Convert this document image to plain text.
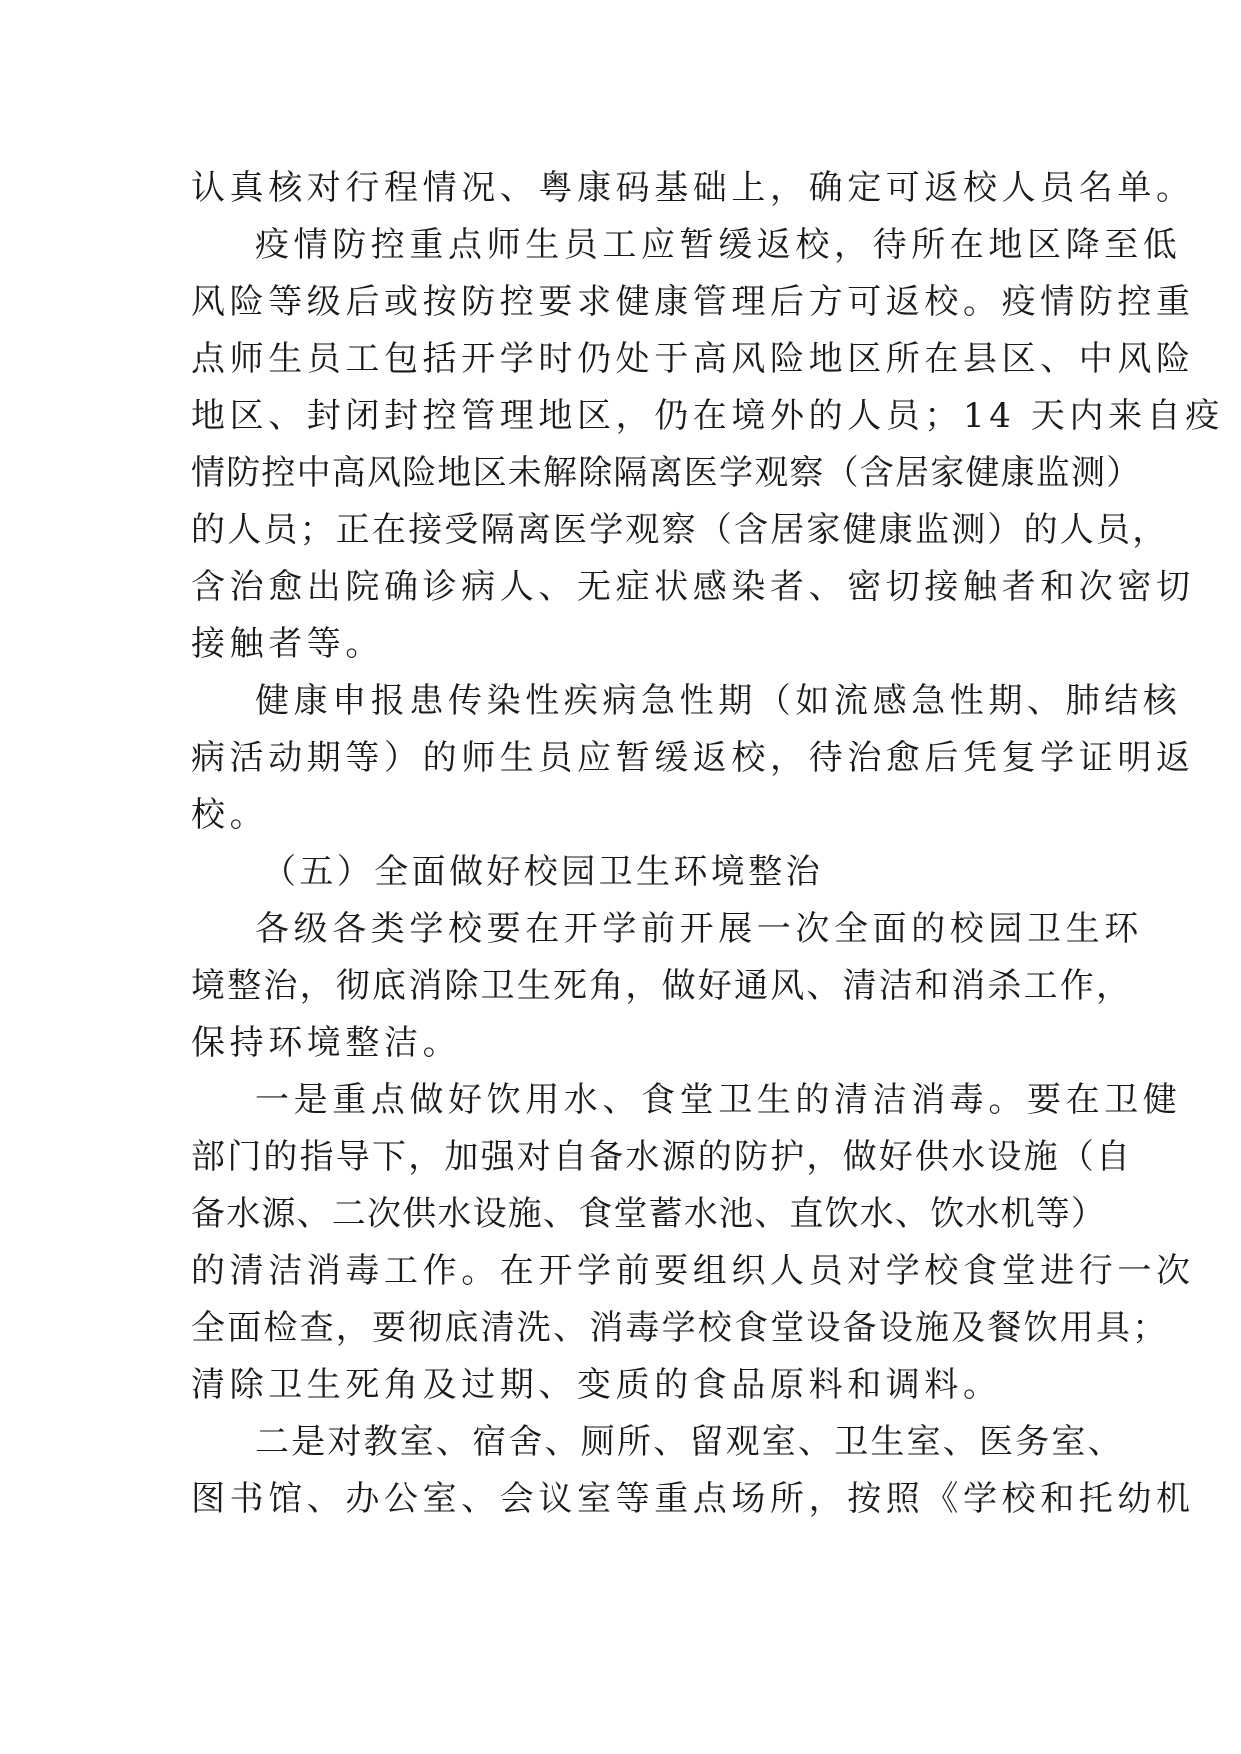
认真核对行程情况、粤康码基础上，确定可返校人员名单。
疫情防控重点师生员工应暂缓返校，待所在地区降至低
风险等级后或按防控要求健康管理后方可返校。疫情防控重
点师生员工包括开学时仍处于高风险地区所在县区、中风险
地区、封闭封控管理地区，仍在境外的人员；14 天内来自疫
情防控中高风险地区未解除隔离医学观察（含居家健康监测）
的人员；正在接受隔离医学观察（含居家健康监测）的人员，
含治愈出院确诊病人、无症状感染者、密切接触者和次密切
接触者等。
健康申报患传染性疾病急性期（如流感急性期、肺结核
病活动期等）的师生员应暂缓返校，待治愈后凭复学证明返
校。
（五）全面做好校园卫生环境整治
各级各类学校要在开学前开展一次全面的校园卫生环
境整治，彻底消除卫生死角，做好通风、清洁和消杀工作，
保持环境整洁。
一是重点做好饮用水、食堂卫生的清洁消毒。要在卫健
部门的指导下，加强对自备水源的防护，做好供水设施（自
备水源、二次供水设施、食堂蓄水池、直饮水、饮水机等）
的清洁消毒工作。在开学前要组织人员对学校食堂进行一次
全面检查，要彻底清洗、消毒学校食堂设备设施及餐饮用具；
清除卫生死角及过期、变质的食品原料和调料。
二是对教室、宿舍、厕所、留观室、卫生室、医务室、
图书馆、办公室、会议室等重点场所，按照《学校和托幼机
